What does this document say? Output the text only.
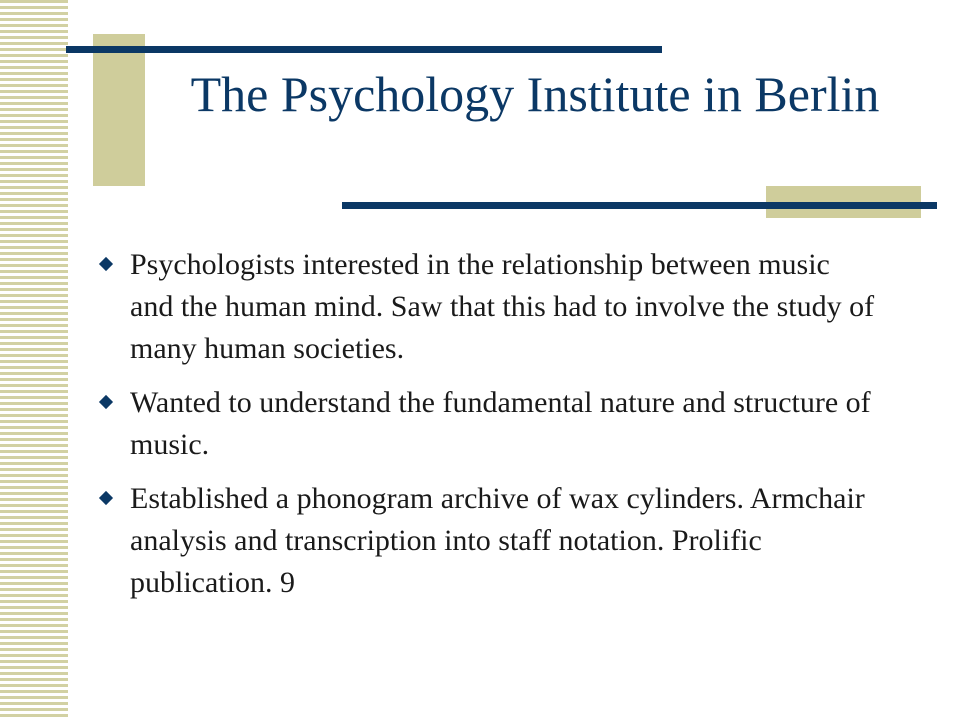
The Psychology Institute in Berlin
Psychologists interested in the relationship between music and the human mind. Saw that this had to involve the study of many human societies.
Wanted to understand the fundamental nature and structure of music.
Established a phonogram archive of wax cylinders. Armchair analysis and transcription into staff notation. Prolific publication. 9
